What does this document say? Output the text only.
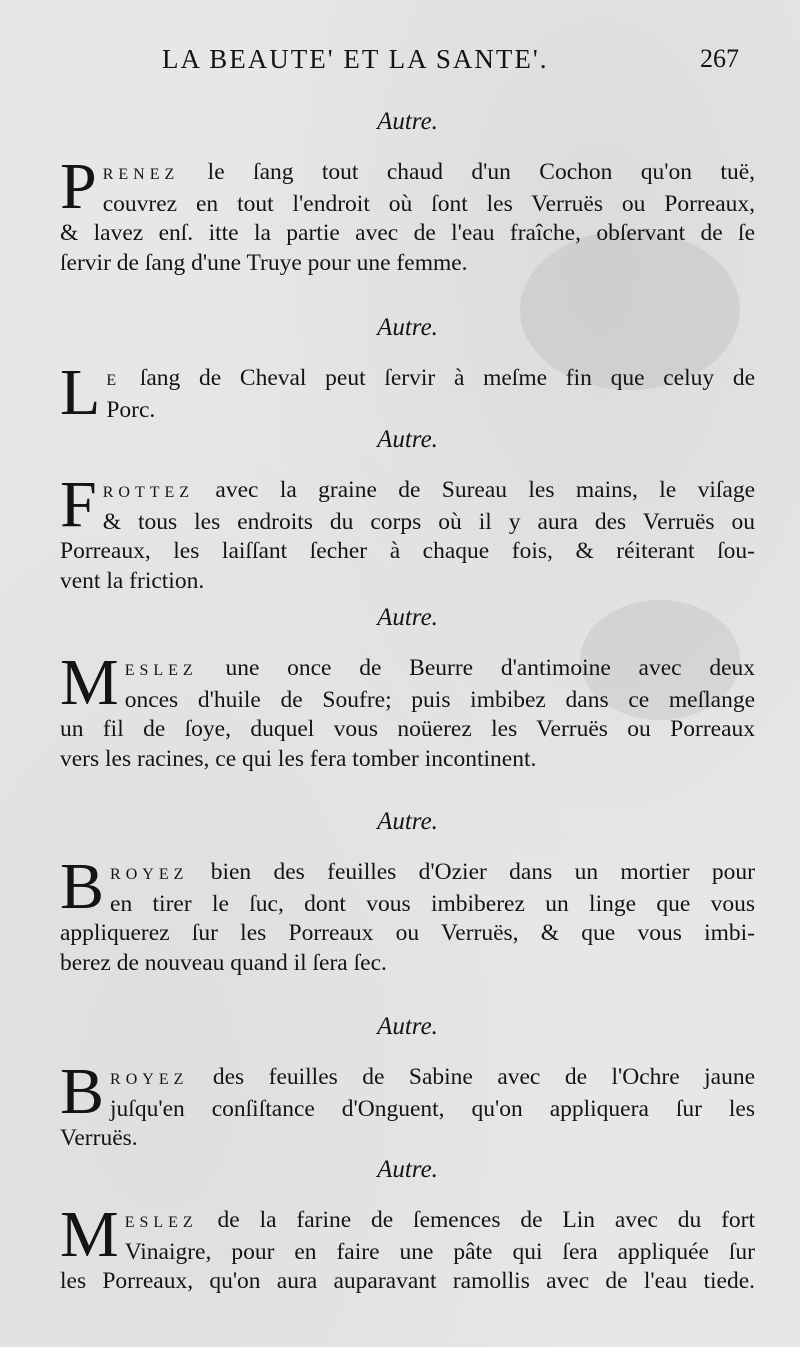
LA BEAUTE' ET LA SANTE'.	267
Autre.
P RENEZ le ſang tout chaud d'un Cochon qu'on tuë,
couvrez en tout l'endroit où ſont les Verruës ou Porreaux,
& lavez enſ. itte la partie avec de l'eau fraîche, obſervant de ſe
ſervir de ſang d'une Truye pour une femme.
Autre.
L E ſang de Cheval peut ſervir à meſme fin que celuy de
Porc.
Autre.
F ROTTEZ avec la graine de Sureau les mains, le viſage
& tous les endroits du corps où il y aura des Verruës ou
Porreaux, les laiſſant ſecher à chaque fois, & réiterant ſou-
vent la friction.
Autre.
M ESLEZ une once de Beurre d'antimoine avec deux
onces d'huile de Soufre; puis imbibez dans ce meſlange
un fil de ſoye, duquel vous noüerez les Verruës ou Porreaux
vers les racines, ce qui les fera tomber incontinent.
Autre.
B ROYEZ bien des feuilles d'Ozier dans un mortier pour
en tirer le ſuc, dont vous imbiberez un linge que vous
appliquerez ſur les Porreaux ou Verruës, & que vous imbi-
berez de nouveau quand il ſera ſec.
Autre.
B ROYEZ des feuilles de Sabine avec de l'Ochre jaune
juſqu'en conſiſtance d'Onguent, qu'on appliquera ſur les
Verruës.
Autre.
M ESLEZ de la farine de ſemences de Lin avec du fort
Vinaigre, pour en faire une pâte qui ſera appliquée ſur
les Porreaux, qu'on aura auparavant ramollis avec de l'eau tiede.
